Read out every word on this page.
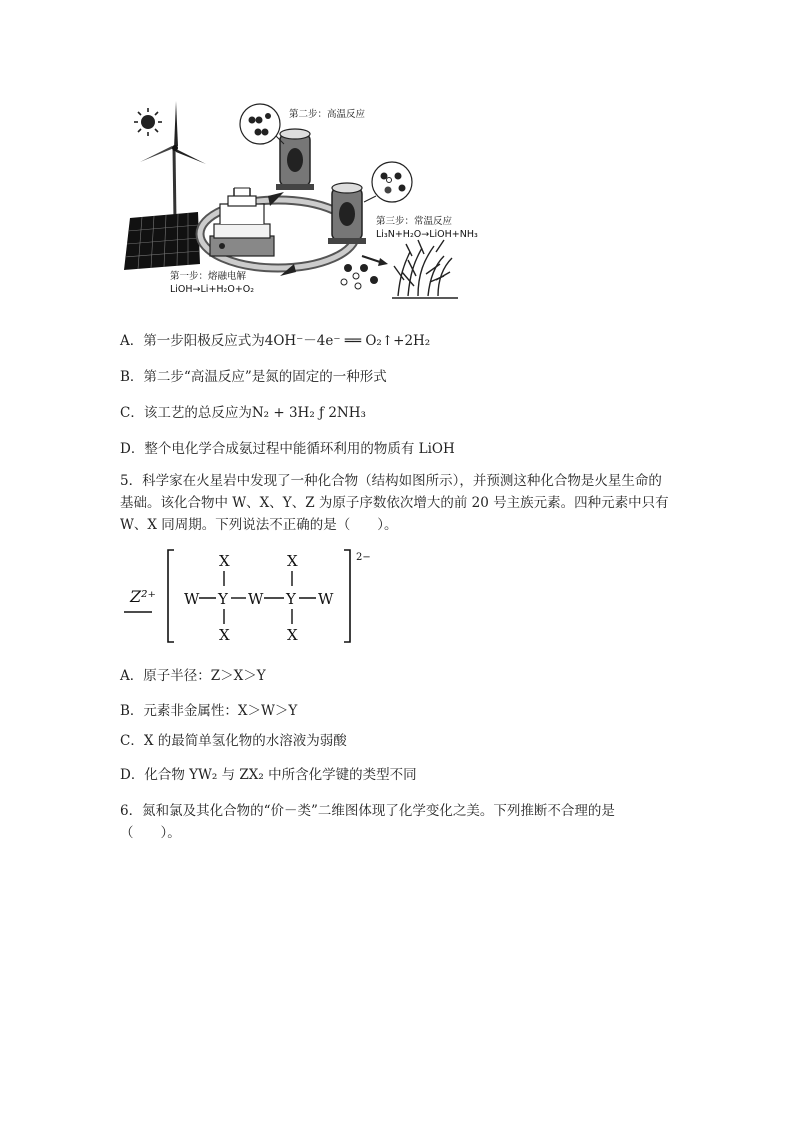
第二步：高温反应
第三步：常温反应
Li₃N+H₂O→LiOH+NH₃
第一步：熔融电解
LiOH→Li+H₂O+O₂
A．第一步阳极反应式为4OH⁻－4e⁻ ══ O₂↑+2H₂
B．第二步“高温反应”是氮的固定的一种形式
C．该工艺的总反应为N₂ + 3H₂ ƒ 2NH₃
D．整个电化学合成氨过程中能循环利用的物质有 LiOH
5．科学家在火星岩中发现了一种化合物（结构如图所示），并预测这种化合物是火星生命的
基础。该化合物中 W、X、Y、Z 为原子序数依次增大的前 20 号主族元素。四种元素中只有
W、X 同周期。下列说法不正确的是（　　）。
Z²⁺
2−
W Y W Y W
X	X
X	X
A．原子半径：Z＞X＞Y
B．元素非金属性：X＞W＞Y
C．X 的最简单氢化物的水溶液为弱酸
D．化合物 YW₂ 与 ZX₂ 中所含化学键的类型不同
6．氮和氯及其化合物的“价－类”二维图体现了化学变化之美。下列推断不合理的是
（　　）。
